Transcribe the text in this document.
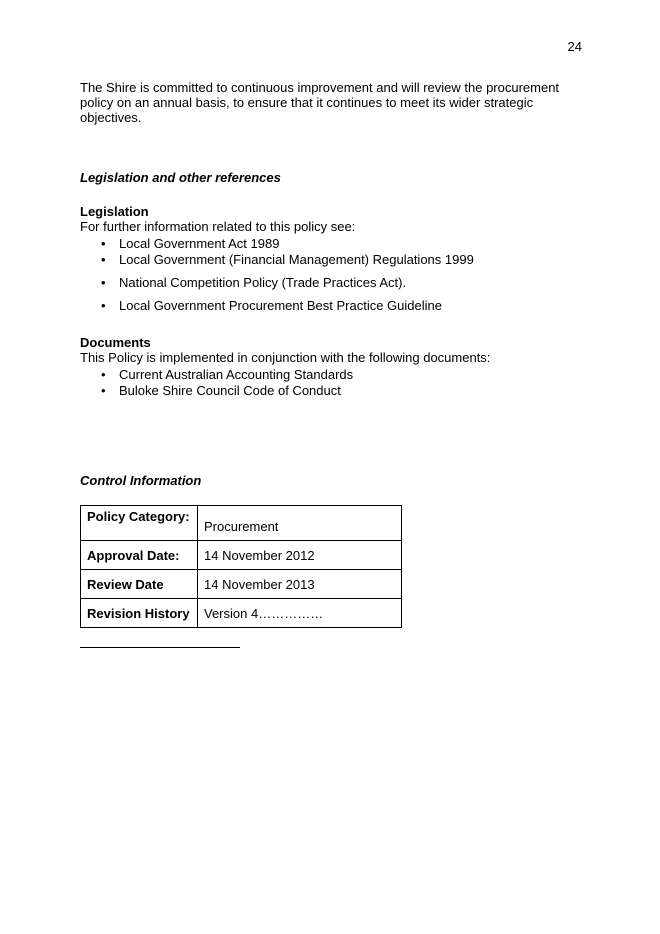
24
The Shire is committed to continuous improvement and will review the procurement policy on an annual basis, to ensure that it continues to meet its wider strategic objectives.
Legislation and other references
Legislation
For further information related to this policy see:
• Local Government Act 1989
• Local Government (Financial Management) Regulations 1999
• National Competition Policy (Trade Practices Act).
• Local Government Procurement Best Practice Guideline
Documents
This Policy is implemented in conjunction with the following documents:
• Current Australian Accounting Standards
• Buloke Shire Council Code of Conduct
Control Information
Policy Category:	Procurement
Approval Date:	14 November 2012
Review Date	14 November 2013
Revision History	Version 4……………
